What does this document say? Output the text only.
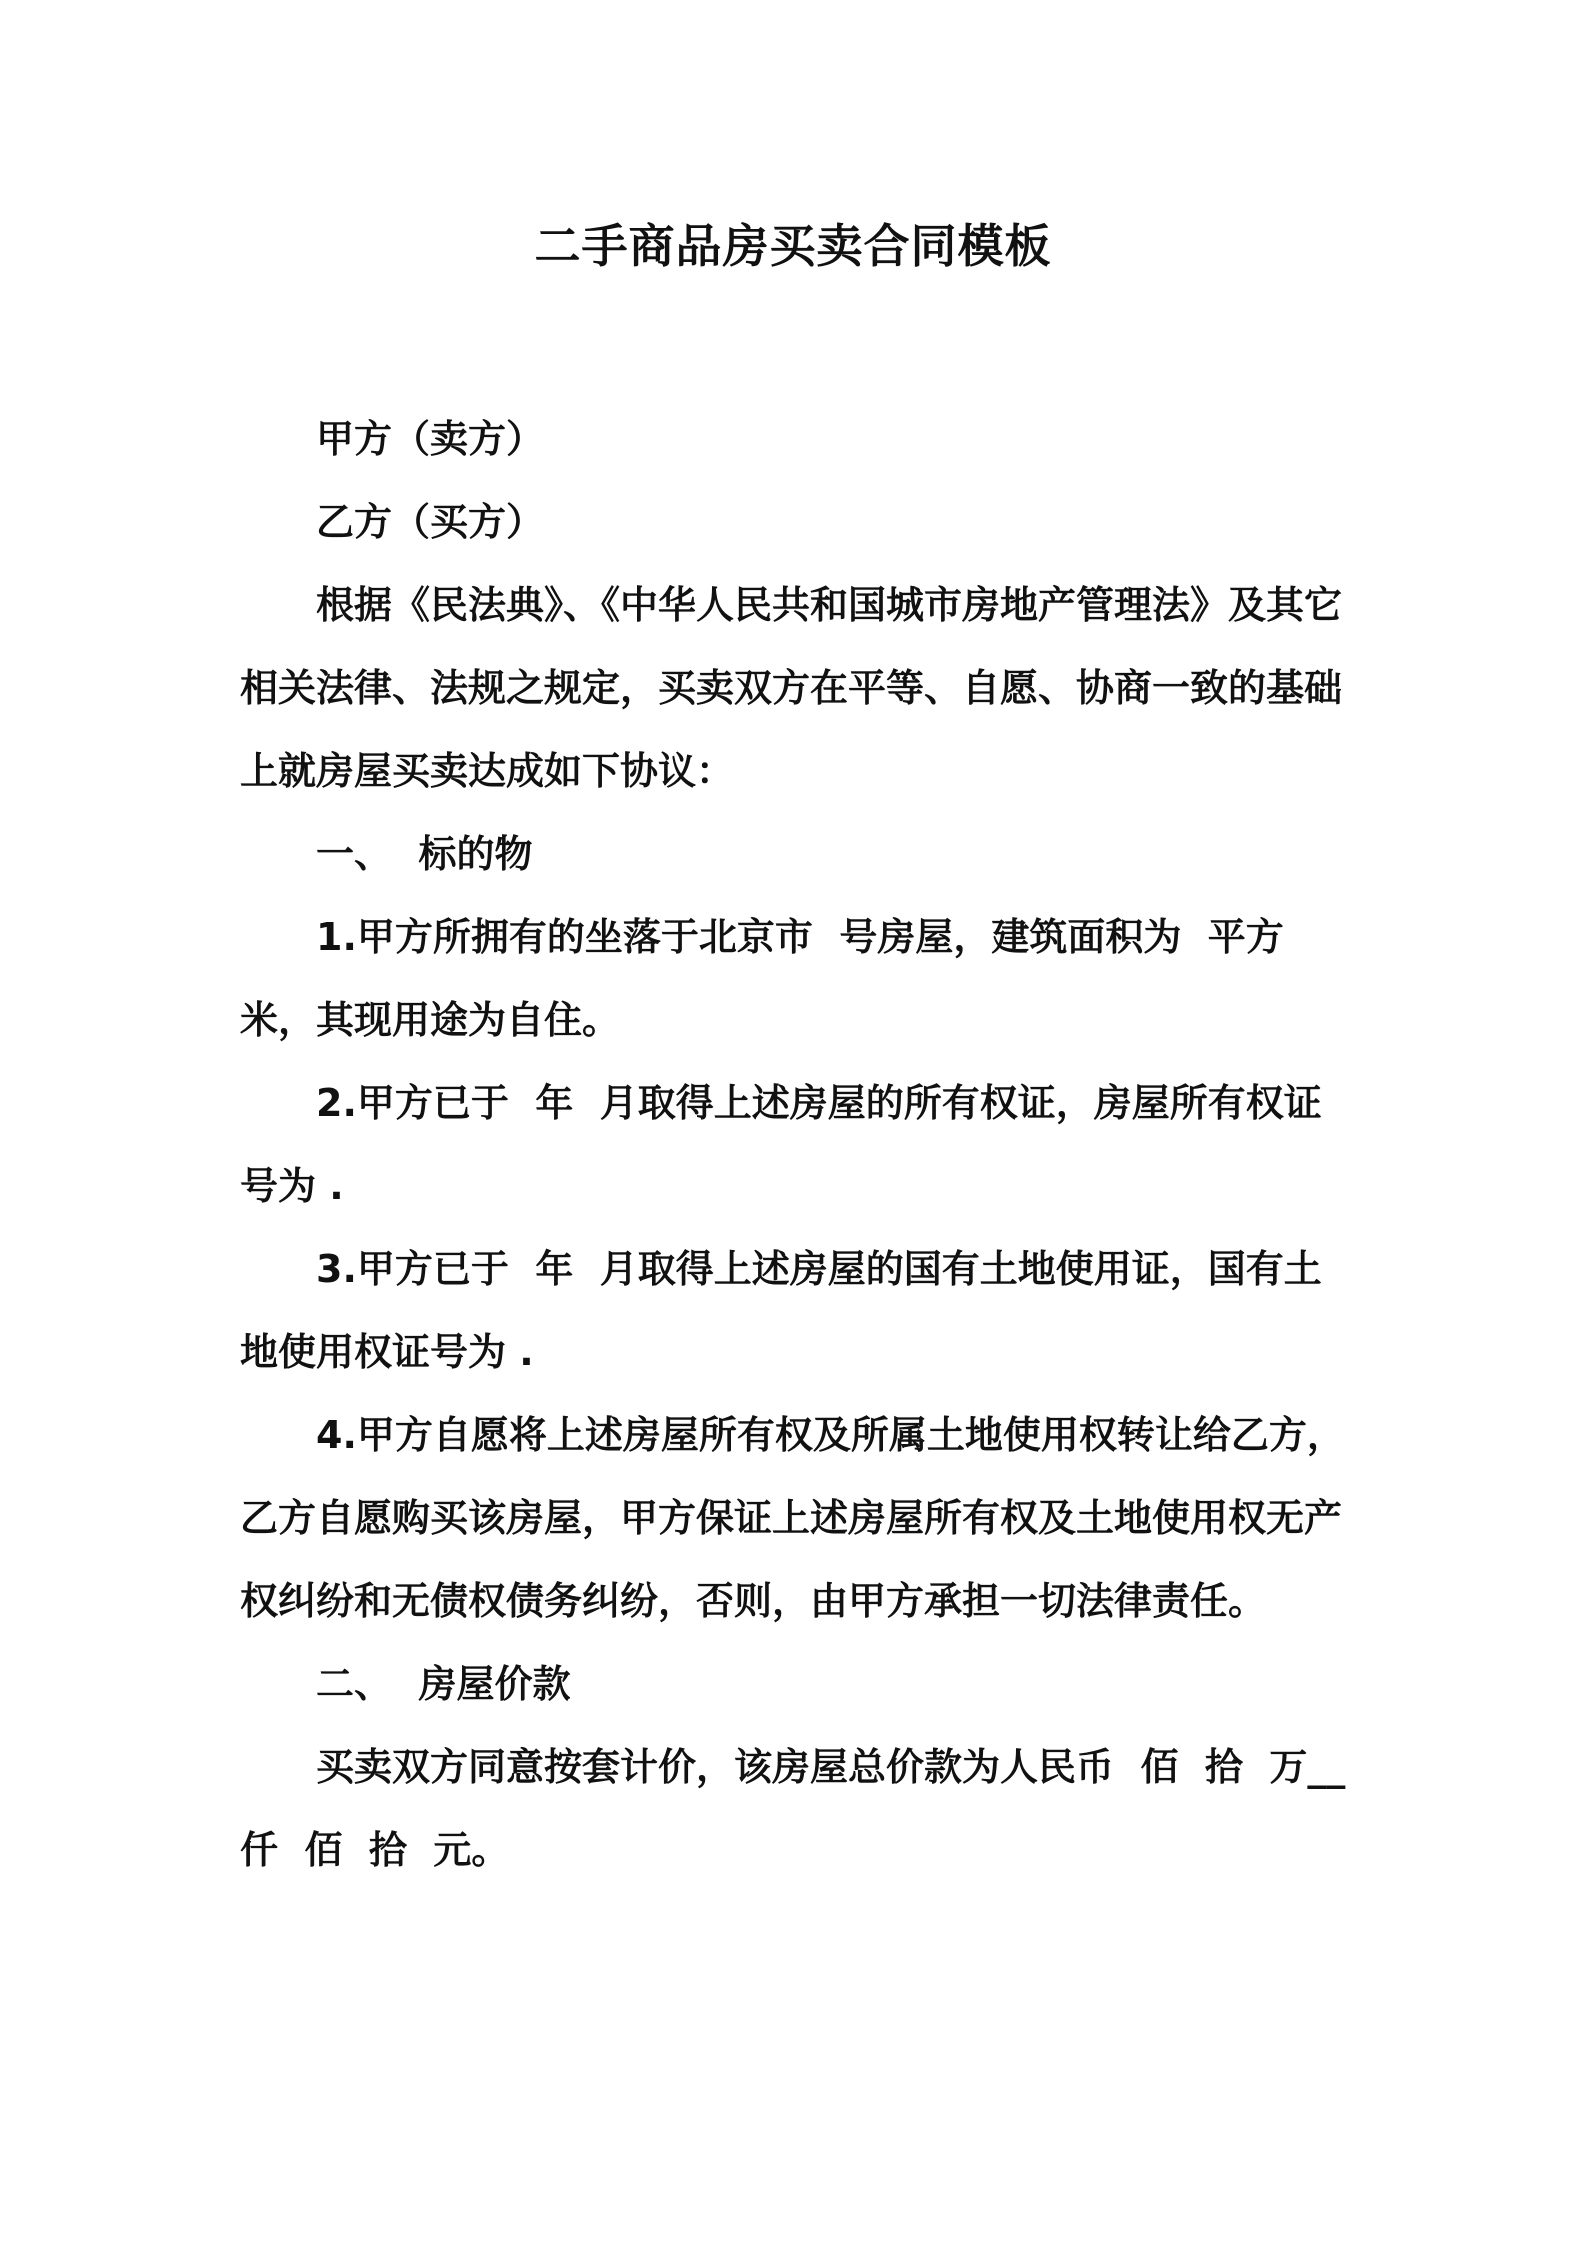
二手商品房买卖合同模板

甲方（卖方）

乙方（买方）

根据《民法典》、《中华人民共和国城市房地产管理法》及其它相关法律、法规之规定，买卖双方在平等、自愿、协商一致的基础上就房屋买卖达成如下协议：

一、  标的物

1.甲方所拥有的坐落于北京市  号房屋，建筑面积为  平方米，其现用途为自住。

2.甲方已于  年  月取得上述房屋的所有权证，房屋所有权证号为 .

3.甲方已于  年  月取得上述房屋的国有土地使用证，国有土地使用权证号为 .

4.甲方自愿将上述房屋所有权及所属土地使用权转让给乙方，乙方自愿购买该房屋，甲方保证上述房屋所有权及土地使用权无产权纠纷和无债权债务纠纷，否则，由甲方承担一切法律责任。

二、  房屋价款

买卖双方同意按套计价，该房屋总价款为人民币  佰  拾  万__仟  佰  拾  元。
